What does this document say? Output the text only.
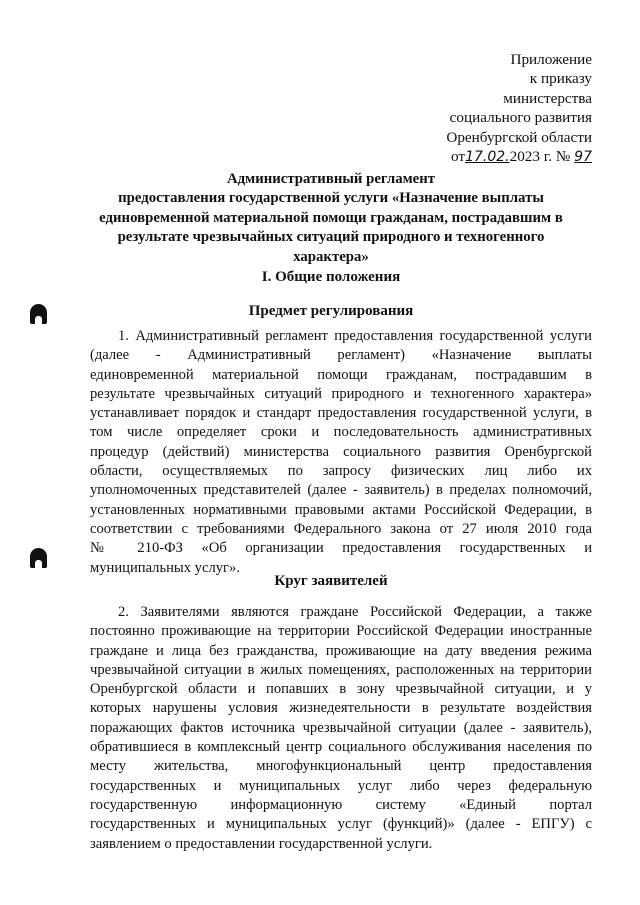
Приложение
к приказу
министерства
социального развития
Оренбургской области
от17.02.2023 г. № 97
Административный регламент
предоставления государственной услуги «Назначение выплаты
единовременной материальной помощи гражданам, пострадавшим в
результате чрезвычайных ситуаций природного и техногенного
характера»
I. Общие положения
Предмет регулирования
1. Административный регламент предоставления государственной услуги
(далее - Административный регламент) «Назначение выплаты
единовременной материальной помощи гражданам, пострадавшим в
результате чрезвычайных ситуаций природного и техногенного характера»
устанавливает порядок и стандарт предоставления государственной услуги, в
том числе определяет сроки и последовательность административных
процедур (действий) министерства социального развития Оренбургской
области, осуществляемых по запросу физических лиц либо их
уполномоченных представителей (далее - заявитель) в пределах полномочий,
установленных нормативными правовыми актами Российской Федерации, в
соответствии с требованиями Федерального закона от 27 июля 2010 года
№ 210-ФЗ «Об организации предоставления государственных и
муниципальных услуг».
Круг заявителей
2. Заявителями являются граждане Российской Федерации, а также
постоянно проживающие на территории Российской Федерации иностранные
граждане и лица без гражданства, проживающие на дату введения режима
чрезвычайной ситуации в жилых помещениях, расположенных на территории
Оренбургской области и попавших в зону чрезвычайной ситуации, и у
которых нарушены условия жизнедеятельности в результате воздействия
поражающих фактов источника чрезвычайной ситуации (далее - заявитель),
обратившиеся в комплексный центр социального обслуживания населения по
месту жительства, многофункциональный центр предоставления
государственных и муниципальных услуг либо через федеральную
государственную информационную систему «Единый портал
государственных и муниципальных услуг (функций)» (далее - ЕПГУ) с
заявлением о предоставлении государственной услуги.
